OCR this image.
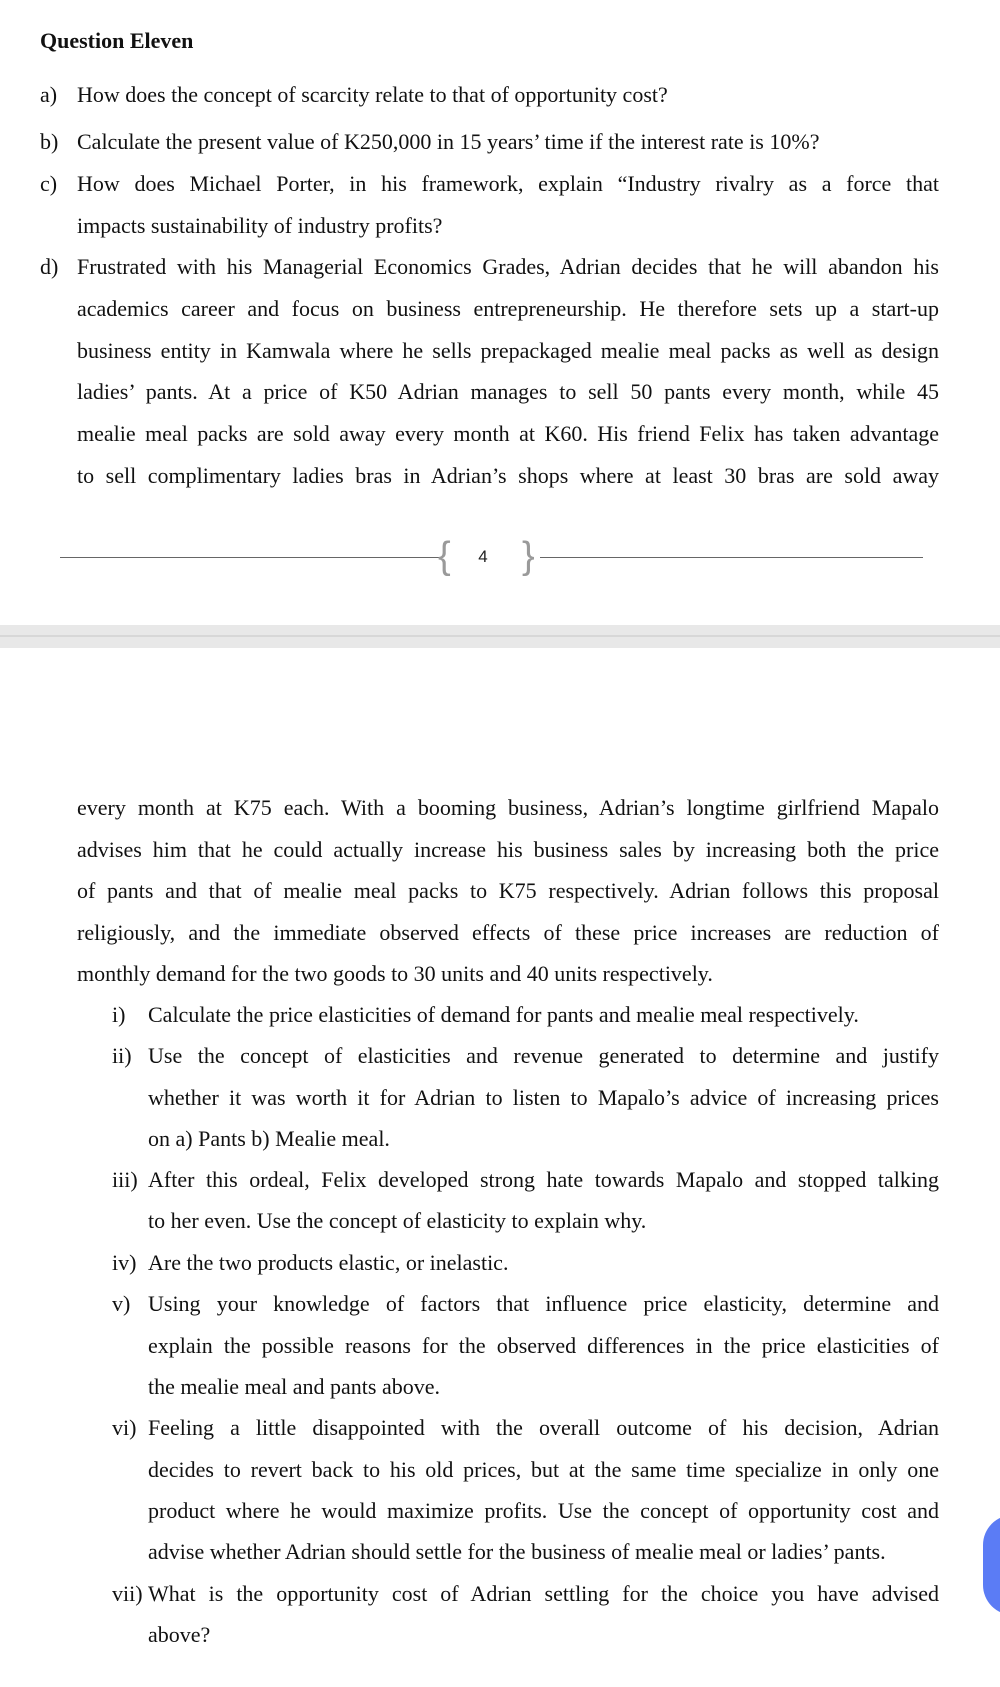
Question Eleven

a) How does the concept of scarcity relate to that of opportunity cost?

b) Calculate the present value of K250,000 in 15 years’ time if the interest rate is 10%?

c) How does Michael Porter, in his framework, explain “Industry rivalry as a force that

impacts sustainability of industry profits?

d) Frustrated with his Managerial Economics Grades, Adrian decides that he will abandon his

academics career and focus on business entrepreneurship. He therefore sets up a start-up

business entity in Kamwala where he sells prepackaged mealie meal packs as well as design

ladies’ pants. At a price of K50 Adrian manages to sell 50 pants every month, while 45

mealie meal packs are sold away every month at K60. His friend Felix has taken advantage

to sell complimentary ladies bras in Adrian’s shops where at least 30 bras are sold away

{	4 }

every month at K75 each. With a booming business, Adrian’s longtime girlfriend Mapalo

advises him that he could actually increase his business sales by increasing both the price

of pants and that of mealie meal packs to K75 respectively. Adrian follows this proposal

religiously, and the immediate observed effects of these price increases are reduction of

monthly demand for the two goods to 30 units and 40 units respectively.

i) Calculate the price elasticities of demand for pants and mealie meal respectively.

ii) Use the concept of elasticities and revenue generated to determine and justify

whether it was worth it for Adrian to listen to Mapalo’s advice of increasing prices

on a) Pants b) Mealie meal.

iii) After this ordeal, Felix developed strong hate towards Mapalo and stopped talking

to her even. Use the concept of elasticity to explain why.

iv) Are the two products elastic, or inelastic.

v) Using your knowledge of factors that influence price elasticity, determine and

explain the possible reasons for the observed differences in the price elasticities of

the mealie meal and pants above.

vi) Feeling a little disappointed with the overall outcome of his decision, Adrian

decides to revert back to his old prices, but at the same time specialize in only one

product where he would maximize profits. Use the concept of opportunity cost and

advise whether Adrian should settle for the business of mealie meal or ladies’ pants.

vii) What is the opportunity cost of Adrian settling for the choice you have advised

above?
